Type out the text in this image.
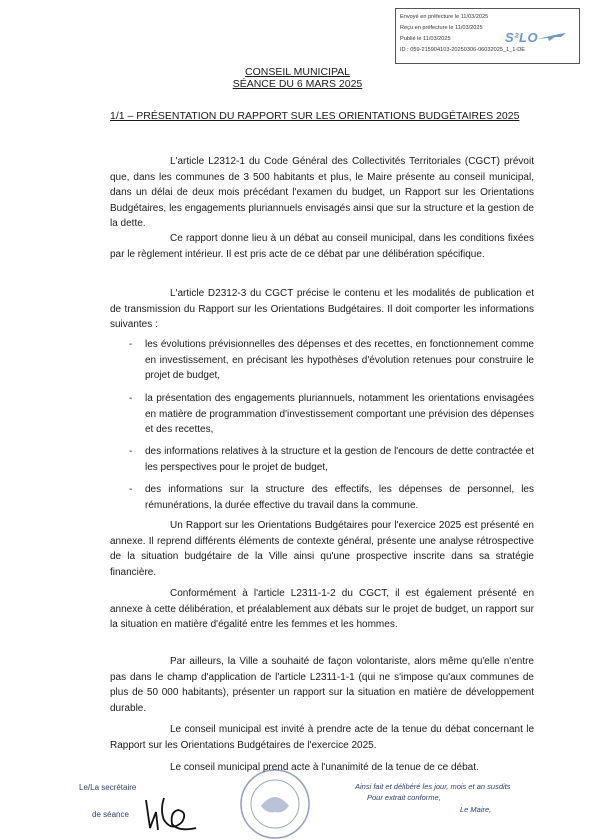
Envoyé en préfecture le 11/03/2025
Reçu en préfecture le 11/03/2025
Publié le 11/03/2025
ID : 059-215904103-20250306-06032025_1_1-DE
S²LO
CONSEIL MUNICIPAL
SÉANCE DU 6 MARS 2025
1/1 – PRÉSENTATION DU RAPPORT SUR LES ORIENTATIONS BUDGÉTAIRES 2025

L'article L2312-1 du Code Général des Collectivités Territoriales (CGCT) prévoit que, dans les communes de 3 500 habitants et plus, le Maire présente au conseil municipal, dans un délai de deux mois précédant l'examen du budget, un Rapport sur les Orientations Budgétaires, les engagements pluriannuels envisagés ainsi que sur la structure et la gestion de la dette.

Ce rapport donne lieu à un débat au conseil municipal, dans les conditions fixées par le règlement intérieur. Il est pris acte de ce débat par une délibération spécifique.

L'article D2312-3 du CGCT précise le contenu et les modalités de publication et de transmission du Rapport sur les Orientations Budgétaires. Il doit comporter les informations suivantes :

- les évolutions prévisionnelles des dépenses et des recettes, en fonctionnement comme en investissement, en précisant les hypothèses d'évolution retenues pour construire le projet de budget,
- la présentation des engagements pluriannuels, notamment les orientations envisagées en matière de programmation d'investissement comportant une prévision des dépenses et des recettes,
- des informations relatives à la structure et la gestion de l'encours de dette contractée et les perspectives pour le projet de budget,
- des informations sur la structure des effectifs, les dépenses de personnel, les rémunérations, la durée effective du travail dans la commune.

Un Rapport sur les Orientations Budgétaires pour l'exercice 2025 est présenté en annexe. Il reprend différents éléments de contexte général, présente une analyse rétrospective de la situation budgétaire de la Ville ainsi qu'une prospective inscrite dans sa stratégie financière.

Conformément à l'article L2311-1-2 du CGCT, il est également présenté en annexe à cette délibération, et préalablement aux débats sur le projet de budget, un rapport sur la situation en matière d'égalité entre les femmes et les hommes.

Par ailleurs, la Ville a souhaité de façon volontariste, alors même qu'elle n'entre pas dans le champ d'application de l'article L2311-1-1 (qui ne s'impose qu'aux communes de plus de 50 000 habitants), présenter un rapport sur la situation en matière de développement durable.

Le conseil municipal est invité à prendre acte de la tenue du débat concernant le Rapport sur les Orientations Budgétaires de l'exercice 2025.

Le conseil municipal prend acte à l'unanimité de la tenue de ce débat.

Le/La secrétaire
de séance
Ainsi fait et délibéré les jour, mois et an susdits
Pour extrait conforme,
Le Maire,
